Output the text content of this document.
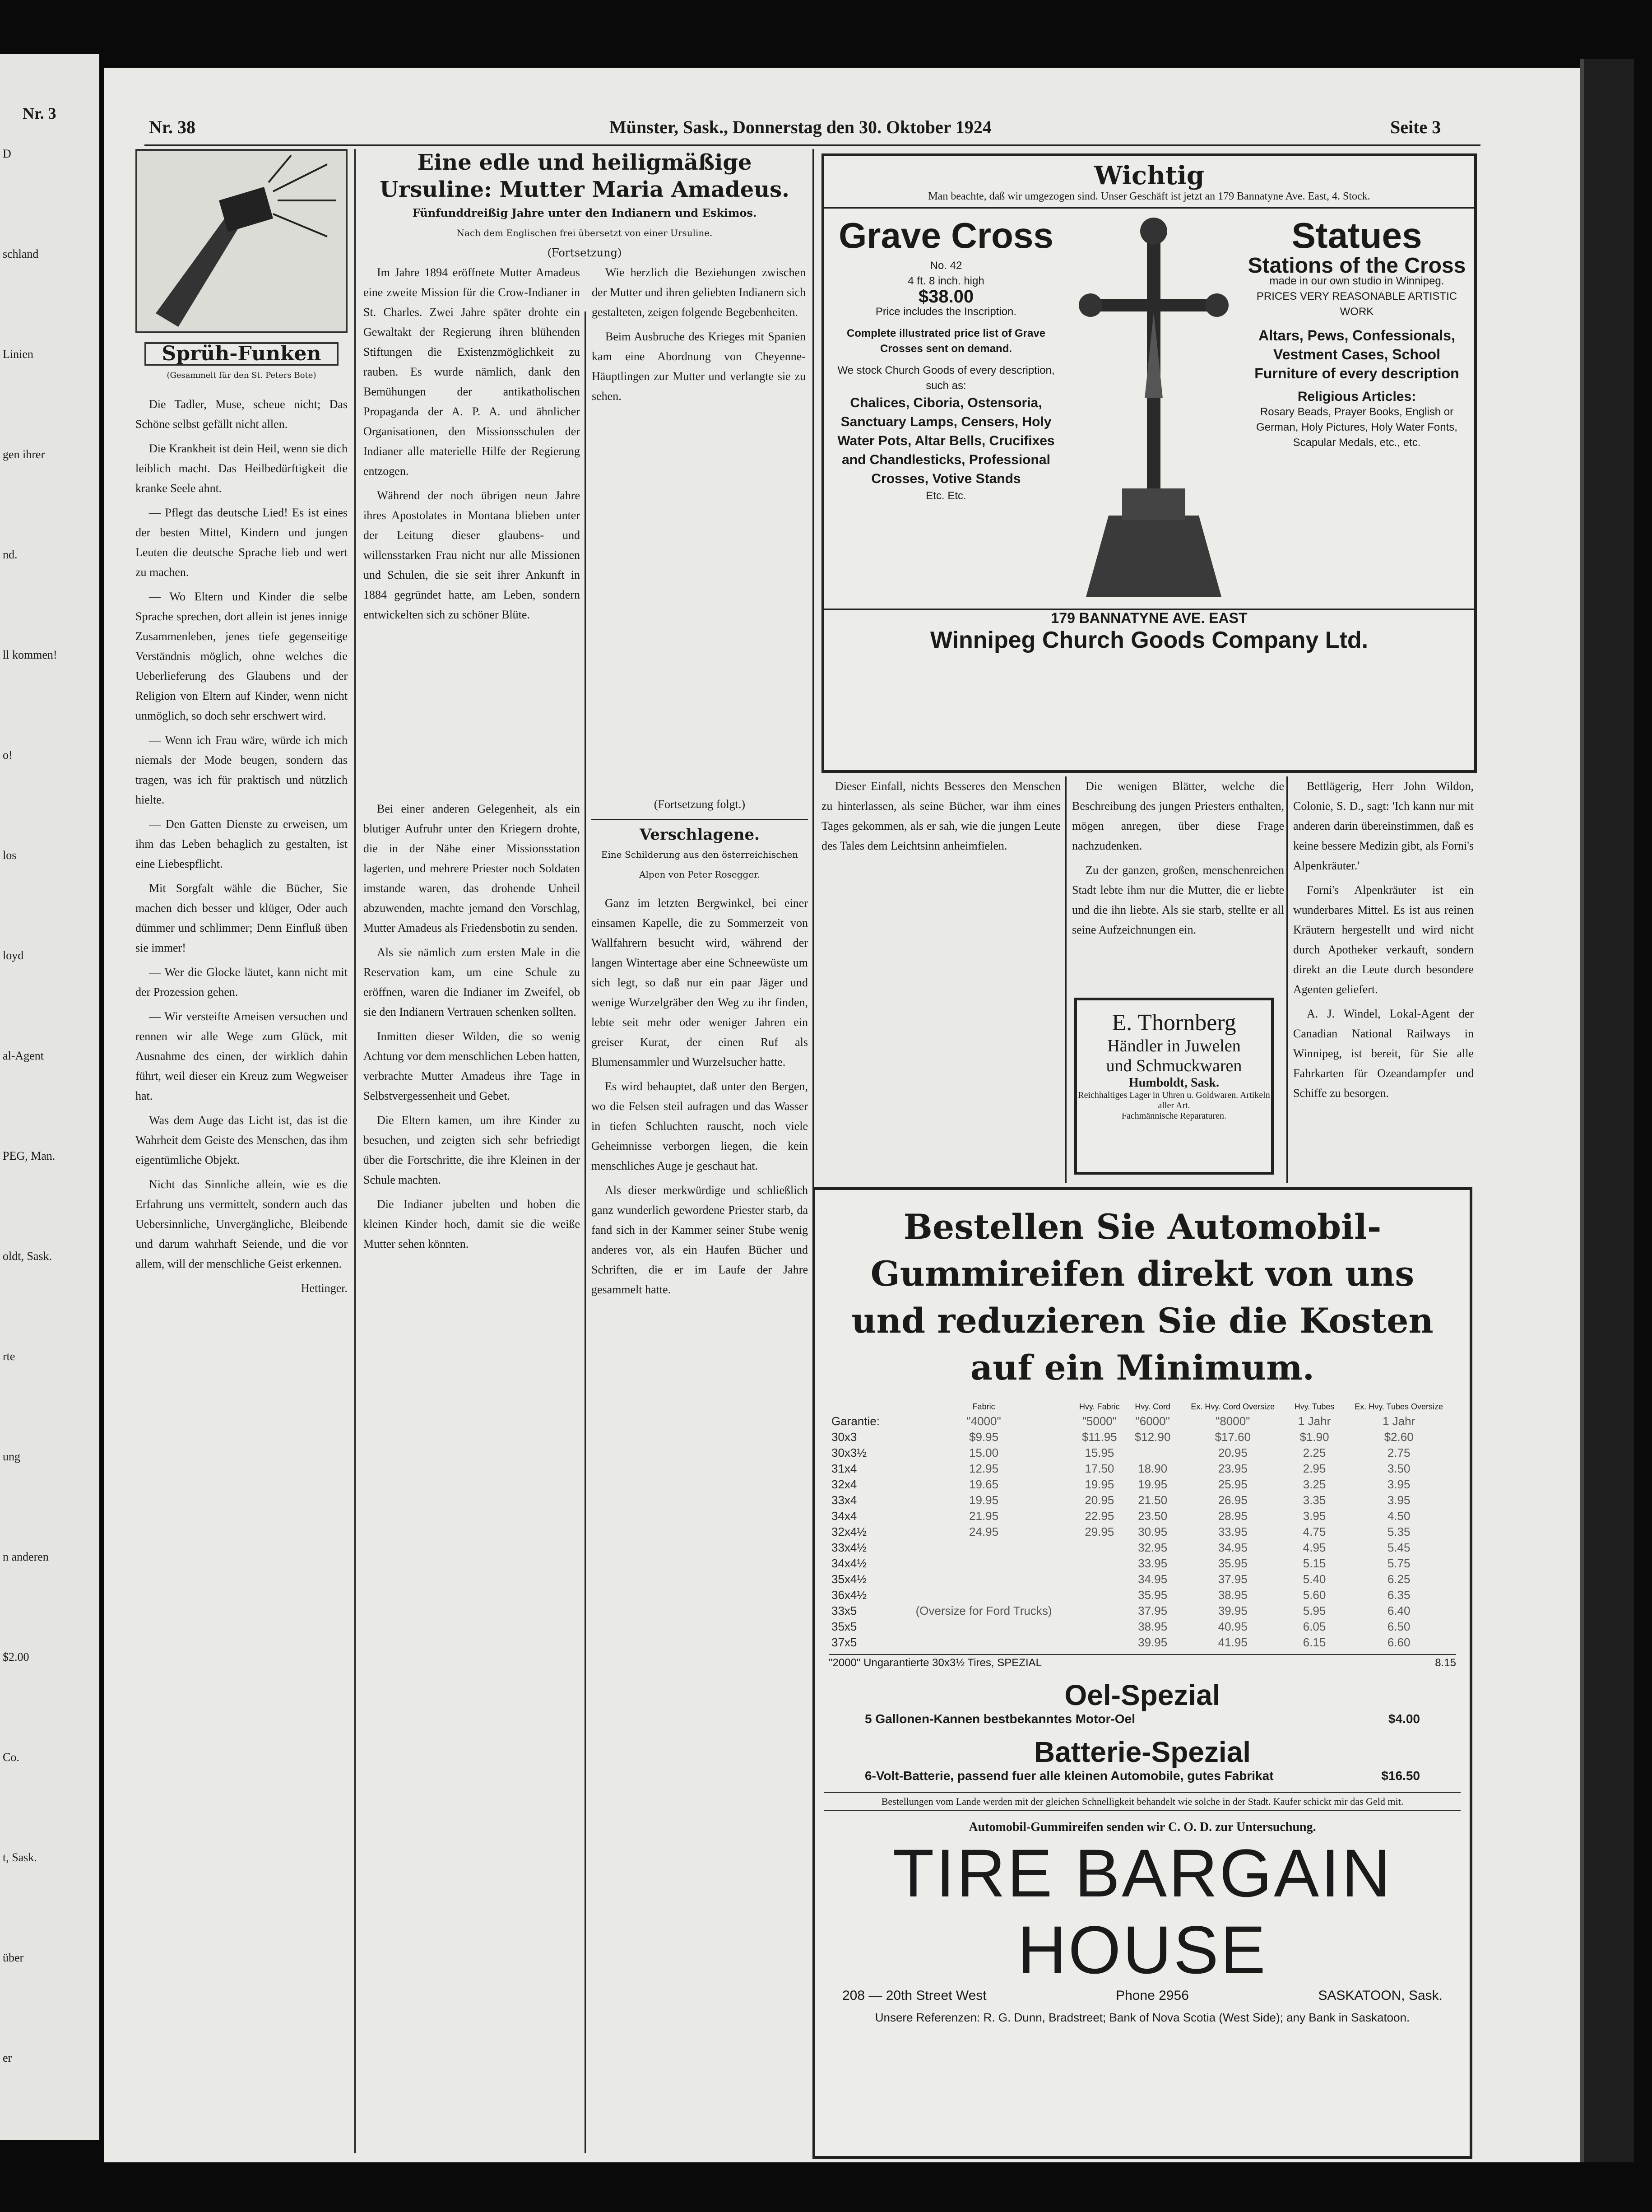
Nr. 3
D
schland
Linien
gen ihrer
nd.
ll kommen!
o!
los
loyd
al-Agent
PEG, Man.
oldt, Sask.
rte
ung
n anderen
$2.00
Co.
t, Sask.
über
er
Nr. 38	Münster, Sask., Donnerstag den 30. Oktober 1924	Seite 3
Sprüh-Funken
(Gesammelt für den St. Peters Bote)

Die Tadler, Muse, scheue nicht; Das Schöne selbst gefällt nicht allen.

Die Krankheit ist dein Heil, wenn sie dich leiblich macht. Das Heilbedürftigkeit die kranke Seele ahnt.

— Pflegt das deutsche Lied! Es ist eines der besten Mittel, Kindern und jungen Leuten die deutsche Sprache lieb und wert zu machen.

— Wo Eltern und Kinder die selbe Sprache sprechen, dort allein ist jenes innige Zusammenleben, jenes tiefe gegenseitige Verständnis möglich, ohne welches die Ueberlieferung des Glaubens und der Religion von Eltern auf Kinder, wenn nicht unmöglich, so doch sehr erschwert wird.

— Wenn ich Frau wäre, würde ich mich niemals der Mode beugen, sondern das tragen, was ich für praktisch und nützlich hielte.

— Den Gatten Dienste zu erweisen, um ihm das Leben behaglich zu gestalten, ist eine Liebespflicht.

Mit Sorgfalt wähle die Bücher, Sie machen dich besser und klüger, Oder auch dümmer und schlimmer; Denn Einfluß üben sie immer!

— Wer die Glocke läutet, kann nicht mit der Prozession gehen.

— Wir versteifte Ameisen versuchen und rennen wir alle Wege zum Glück, mit Ausnahme des einen, der wirklich dahin führt, weil dieser ein Kreuz zum Wegweiser hat.

Was dem Auge das Licht ist, das ist die Wahrheit dem Geiste des Menschen, das ihm eigentümliche Objekt.

Nicht das Sinnliche allein, wie es die Erfahrung uns vermittelt, sondern auch das Uebersinnliche, Unvergängliche, Bleibende und darum wahrhaft Seiende, und die vor allem, will der menschliche Geist erkennen.

Hettinger.
Eine edle und heiligmäßige Ursuline: Mutter Maria Amadeus.
Fünfunddreißig Jahre unter den Indianern und Eskimos.
Nach dem Englischen frei übersetzt von einer Ursuline.
(Fortsetzung)

Im Jahre 1894 eröffnete Mutter Amadeus eine zweite Mission für die Crow-Indianer in St. Charles. Zwei Jahre später drohte ein Gewaltakt der Regierung ihren blühenden Stiftungen die Existenzmöglichkeit zu rauben. Es wurde nämlich, dank den Bemühungen der antikatholischen Propaganda der A. P. A. und ähnlicher Organisationen, den Missionsschulen der Indianer alle materielle Hilfe der Regierung entzogen.

Während der noch übrigen neun Jahre ihres Apostolates in Montana blieben unter der Leitung dieser glaubens- und willensstarken Frau nicht nur alle Missionen und Schulen, die sie seit ihrer Ankunft in 1884 gegründet hatte, am Leben, sondern entwickelten sich zu schöner Blüte.

Wie herzlich die Beziehungen zwischen der Mutter und ihren geliebten Indianern sich gestalteten, zeigen folgende Begebenheiten.

Beim Ausbruche des Krieges mit Spanien kam eine Abordnung von Cheyenne-Häuptlingen zur Mutter und verlangte sie zu sehen.

Bei einer anderen Gelegenheit, als ein blutiger Aufruhr unter den Kriegern drohte, die in der Nähe einer Missionsstation lagerten, und mehrere Priester noch Soldaten imstande waren, das drohende Unheil abzuwenden, machte jemand den Vorschlag, Mutter Amadeus als Friedensbotin zu senden.

Als sie nämlich zum ersten Male in die Reservation kam, um eine Schule zu eröffnen, waren die Indianer im Zweifel, ob sie den Indianern Vertrauen schenken sollten.

Inmitten dieser Wilden, die so wenig Achtung vor dem menschlichen Leben hatten, verbrachte Mutter Amadeus ihre Tage in Selbstvergessenheit und Gebet.

Die Eltern kamen, um ihre Kinder zu besuchen, und zeigten sich sehr befriedigt über die Fortschritte, die ihre Kleinen in der Schule machten.

Die Indianer jubelten und hoben die kleinen Kinder hoch, damit sie die weiße Mutter sehen könnten.

(Fortsetzung folgt.)
Verschlagene.
Eine Schilderung aus den österreichischen Alpen von Peter Rosegger.

Ganz im letzten Bergwinkel, bei einer einsamen Kapelle, die zu Sommerzeit von Wallfahrern besucht wird, während der langen Wintertage aber eine Schneewüste um sich legt, so daß nur ein paar Jäger und wenige Wurzelgräber den Weg zu ihr finden, lebte seit mehr oder weniger Jahren ein greiser Kurat, der einen Ruf als Blumensammler und Wurzelsucher hatte.

Es wird behauptet, daß unter den Bergen, wo die Felsen steil aufragen und das Wasser in tiefen Schluchten rauscht, noch viele Geheimnisse verborgen liegen, die kein menschliches Auge je geschaut hat.

Als dieser merkwürdige und schließlich ganz wunderlich gewordene Priester starb, da fand sich in der Kammer seiner Stube wenig anderes vor, als ein Haufen Bücher und Schriften, die er im Laufe der Jahre gesammelt hatte.

Wichtig
Man beachte, daß wir umgezogen sind. Unser Geschäft ist jetzt an 179 Bannatyne Ave. East, 4. Stock.
Grave Cross
No. 42
4 ft. 8 inch. high
$38.00
Price includes the Inscription.
Complete illustrated price list of Grave Crosses sent on demand.
We stock Church Goods of every description, such as:
Chalices, Ciboria, Ostensoria, Sanctuary Lamps, Censers, Holy Water Pots, Altar Bells, Crucifixes and Chandlesticks, Professional Crosses, Votive Stands
Etc. Etc.
Statues
Stations of the Cross
made in our own studio in Winnipeg.
PRICES VERY REASONABLE ARTISTIC WORK
Altars, Pews, Confessionals, Vestment Cases, School Furniture of every description
Religious Articles:
Rosary Beads, Prayer Books, English or German, Holy Pictures, Holy Water Fonts, Scapular Medals, etc., etc.
179 BANNATYNE AVE. EAST
Winnipeg Church Goods Company Ltd.

Dieser Einfall, nichts Besseres den Menschen zu hinterlassen, als seine Bücher, war ihm eines Tages gekommen, als er sah, wie die jungen Leute des Tales dem Leichtsinn anheimfielen.

Die wenigen Blätter, welche die Beschreibung des jungen Priesters enthalten, mögen anregen, über diese Frage nachzudenken.

Zu der ganzen, großen, menschenreichen Stadt lebte ihm nur die Mutter, die er liebte und die ihn liebte. Als sie starb, stellte er all seine Aufzeichnungen ein.

E. Thornberg
Händler in Juwelen
und Schmuckwaren
Humboldt, Sask.
Reichhaltiges Lager in Uhren u. Goldwaren. Artikeln aller Art.
Fachmännische Reparaturen.

Bettlägerig, Herr John Wildon, Colonie, S. D., sagt: 'Ich kann nur mit anderen darin übereinstimmen, daß es keine bessere Medizin gibt, als Forni's Alpenkräuter.'

Forni's Alpenkräuter ist ein wunderbares Mittel. Es ist aus reinen Kräutern hergestellt und wird nicht durch Apotheker verkauft, sondern direkt an die Leute durch besondere Agenten geliefert.

A. J. Windel, Lokal-Agent der Canadian National Railways in Winnipeg, ist bereit, für Sie alle Fahrkarten für Ozeandampfer und Schiffe zu besorgen.

Bestellen Sie Automobil-Gummireifen direkt von uns und reduzieren Sie die Kosten auf ein Minimum.
	Fabric	Hvy. Fabric	Hvy. Cord	Ex. Hvy. Cord Oversize	Hvy. Tubes	Ex. Hvy. Tubes Oversize
Garantie:	"4000"	"5000"	"6000"	"8000"	1 Jahr	1 Jahr
30x3	$9.95	$11.95	$12.90	$17.60	$1.90	$2.60
30x3½	15.00	15.95		20.95	2.25	2.75
31x4	12.95	17.50	18.90	23.95	2.95	3.50
32x4	19.65	19.95	19.95	25.95	3.25	3.95
33x4	19.95	20.95	21.50	26.95	3.35	3.95
34x4	21.95	22.95	23.50	28.95	3.95	4.50
32x4½	24.95	29.95	30.95	33.95	4.75	5.35
33x4½			32.95	34.95	4.95	5.45
34x4½			33.95	35.95	5.15	5.75
35x4½			34.95	37.95	5.40	6.25
36x4½			35.95	38.95	5.60	6.35
33x5	(Oversize for Ford Trucks)		37.95	39.95	5.95	6.40
35x5			38.95	40.95	6.05	6.50
37x5			39.95	41.95	6.15	6.60
"2000" Ungarantierte 30x3½ Tires, SPEZIAL	8.15
Oel-Spezial
5 Gallonen-Kannen bestbekanntes Motor-Oel	$4.00
Batterie-Spezial
6-Volt-Batterie, passend fuer alle kleinen Automobile, gutes Fabrikat	$16.50
Bestellungen vom Lande werden mit der gleichen Schnelligkeit behandelt wie solche in der Stadt. Kaufer schickt mir das Geld mit.
Automobil-Gummireifen senden wir C. O. D. zur Untersuchung.
TIRE BARGAIN HOUSE
208 — 20th Street West	Phone 2956	SASKATOON, Sask.
Unsere Referenzen: R. G. Dunn, Bradstreet; Bank of Nova Scotia (West Side); any Bank in Saskatoon.
